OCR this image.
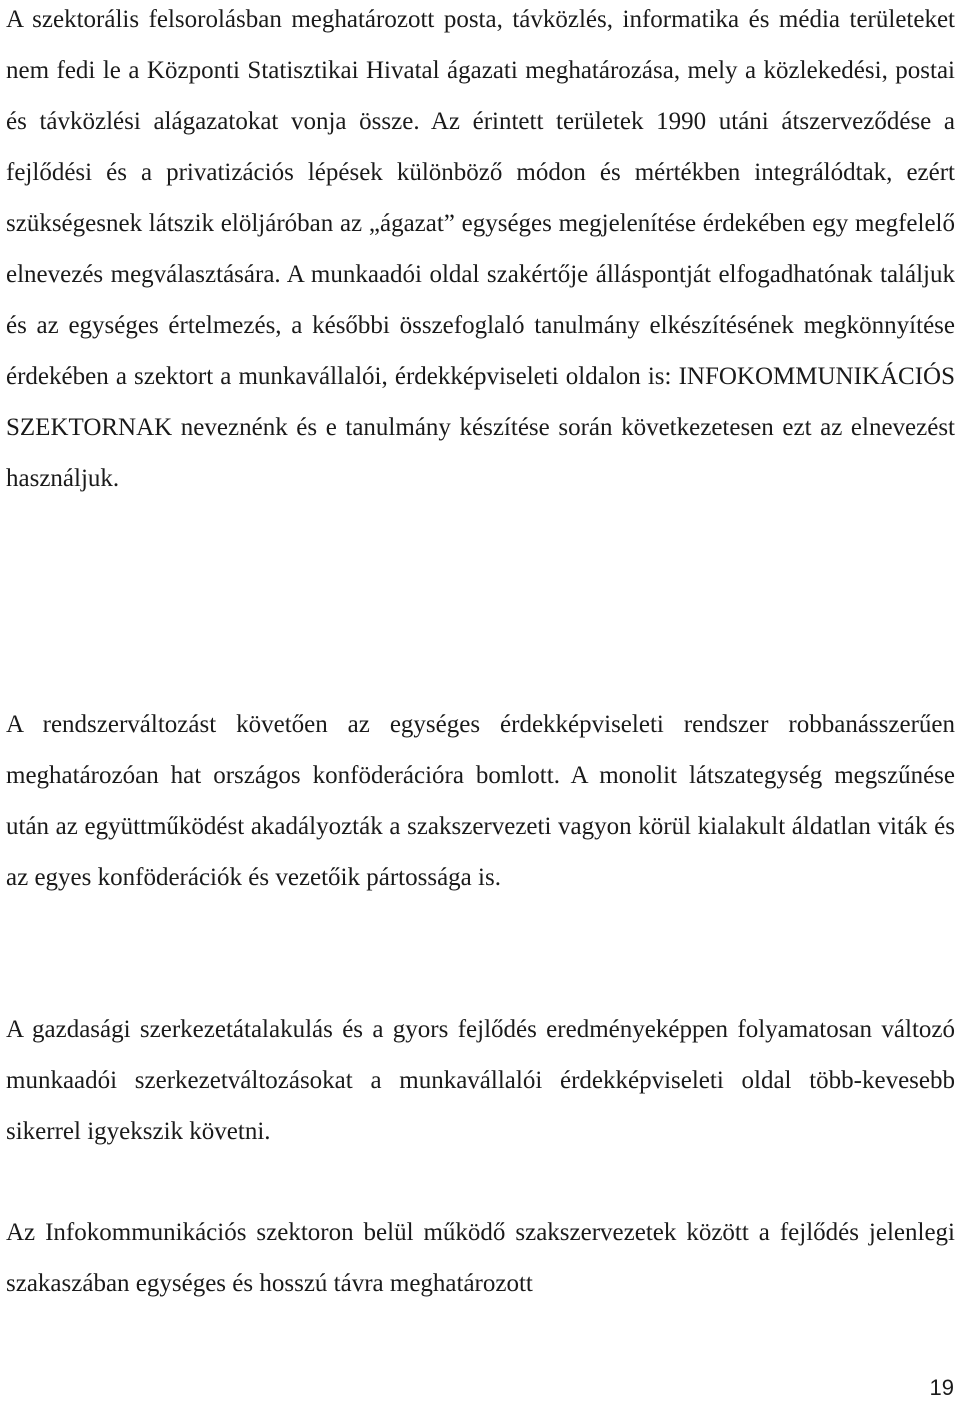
A szektorális felsorolásban meghatározott posta, távközlés, informatika és média területeket nem fedi le a Központi Statisztikai Hivatal ágazati meghatározása, mely a közlekedési, postai és távközlési alágazatokat vonja össze. Az érintett területek 1990 utáni átszerveződése a fejlődési és a privatizációs lépések különböző módon és mértékben integrálódtak, ezért szükségesnek látszik elöljáróban az „ágazat” egységes megjelenítése érdekében egy megfelelő elnevezés megválasztására. A munkaadói oldal szakértője álláspontját elfogadhatónak találjuk és az egységes értelmezés, a későbbi összefoglaló tanulmány elkészítésének megkönnyítése érdekében a szektort a munkavállalói, érdekképviseleti oldalon is: INFOKOMMUNIKÁCIÓS SZEKTORNAK neveznénk és e tanulmány készítése során következetesen ezt az elnevezést használjuk.

A rendszerváltozást követően az egységes érdekképviseleti rendszer robbanásszerűen meghatározóan hat országos konföderációra bomlott. A monolit látszategység megszűnése után az együttműködést akadályozták a szakszervezeti vagyon körül kialakult áldatlan viták és az egyes konföderációk és vezetőik pártossága is.

A gazdasági szerkezetátalakulás és a gyors fejlődés eredményeképpen folyamatosan változó munkaadói szerkezetváltozásokat a munkavállalói érdekképviseleti oldal több-kevesebb sikerrel igyekszik követni.

Az Infokommunikációs szektoron belül működő szakszervezetek között a fejlődés jelenlegi szakaszában egységes és hosszú távra meghatározott

19
